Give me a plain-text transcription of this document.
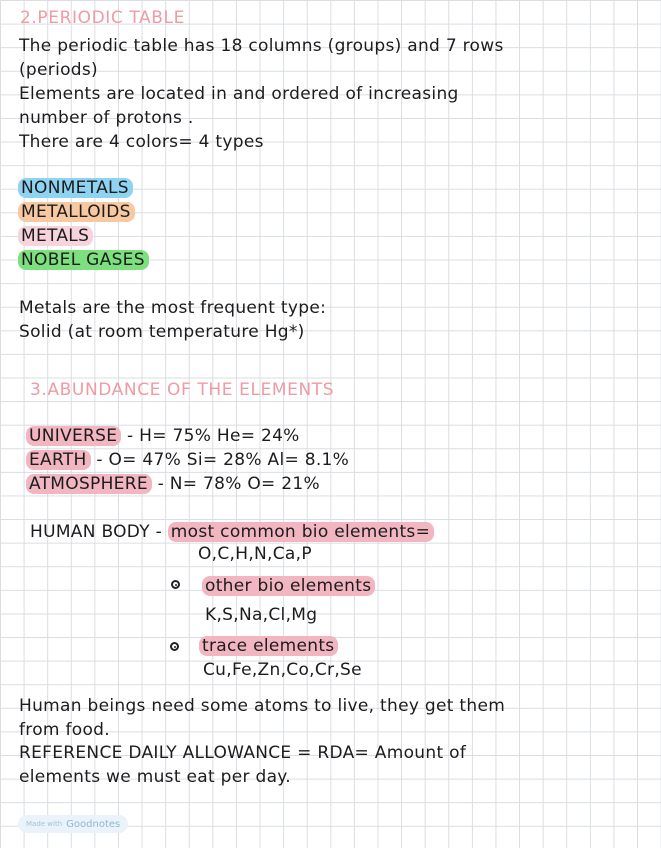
2.PERIODIC TABLE
The periodic table has 18 columns (groups) and 7 rows
(periods)
Elements are located in and ordered of increasing
number of protons .
There are 4 colors= 4 types
NONMETALS
METALLOIDS
METALS
NOBEL GASES
Metals are the most frequent type:
Solid (at room temperature Hg*)
3.ABUNDANCE OF THE ELEMENTS
UNIVERSE - H= 75% He= 24%
EARTH - O= 47% Si= 28% Al= 8.1%
ATMOSPHERE - N= 78% O= 21%
HUMAN BODY - most common bio elements=
O,C,H,N,Ca,P
other bio elements
K,S,Na,Cl,Mg
trace elements
Cu,Fe,Zn,Co,Cr,Se
Human beings need some atoms to live, they get them
from food.
REFERENCE DAILY ALLOWANCE = RDA= Amount of
elements we must eat per day.
Made with Goodnotes
